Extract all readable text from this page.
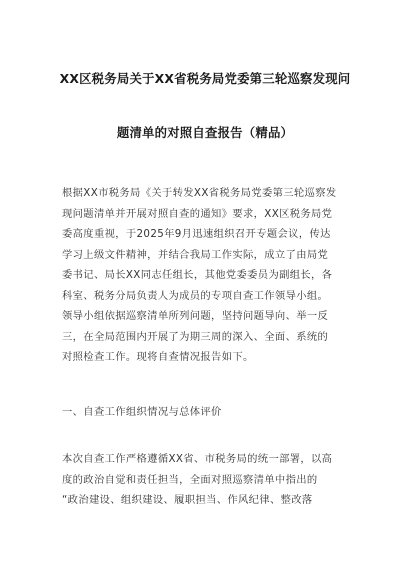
XX区税务局关于XX省税务局党委第三轮巡察发现问
题清单的对照自查报告（精品）
根据XX市税务局《关于转发XX省税务局党委第三轮巡察发
现问题清单并开展对照自查的通知》要求，XX区税务局党
委高度重视，于2025年9月迅速组织召开专题会议，传达
学习上级文件精神，并结合我局工作实际，成立了由局党
委书记、局长XX同志任组长，其他党委委员为副组长，各
科室、税务分局负责人为成员的专项自查工作领导小组。
领导小组依据巡察清单所列问题，坚持问题导向、举一反
三，在全局范围内开展了为期三周的深入、全面、系统的
对照检查工作。现将自查情况报告如下。
一、自查工作组织情况与总体评价
本次自查工作严格遵循XX省、市税务局的统一部署，以高
度的政治自觉和责任担当，全面对照巡察清单中指出的
“政治建设、组织建设、履职担当、作风纪律、整改落
